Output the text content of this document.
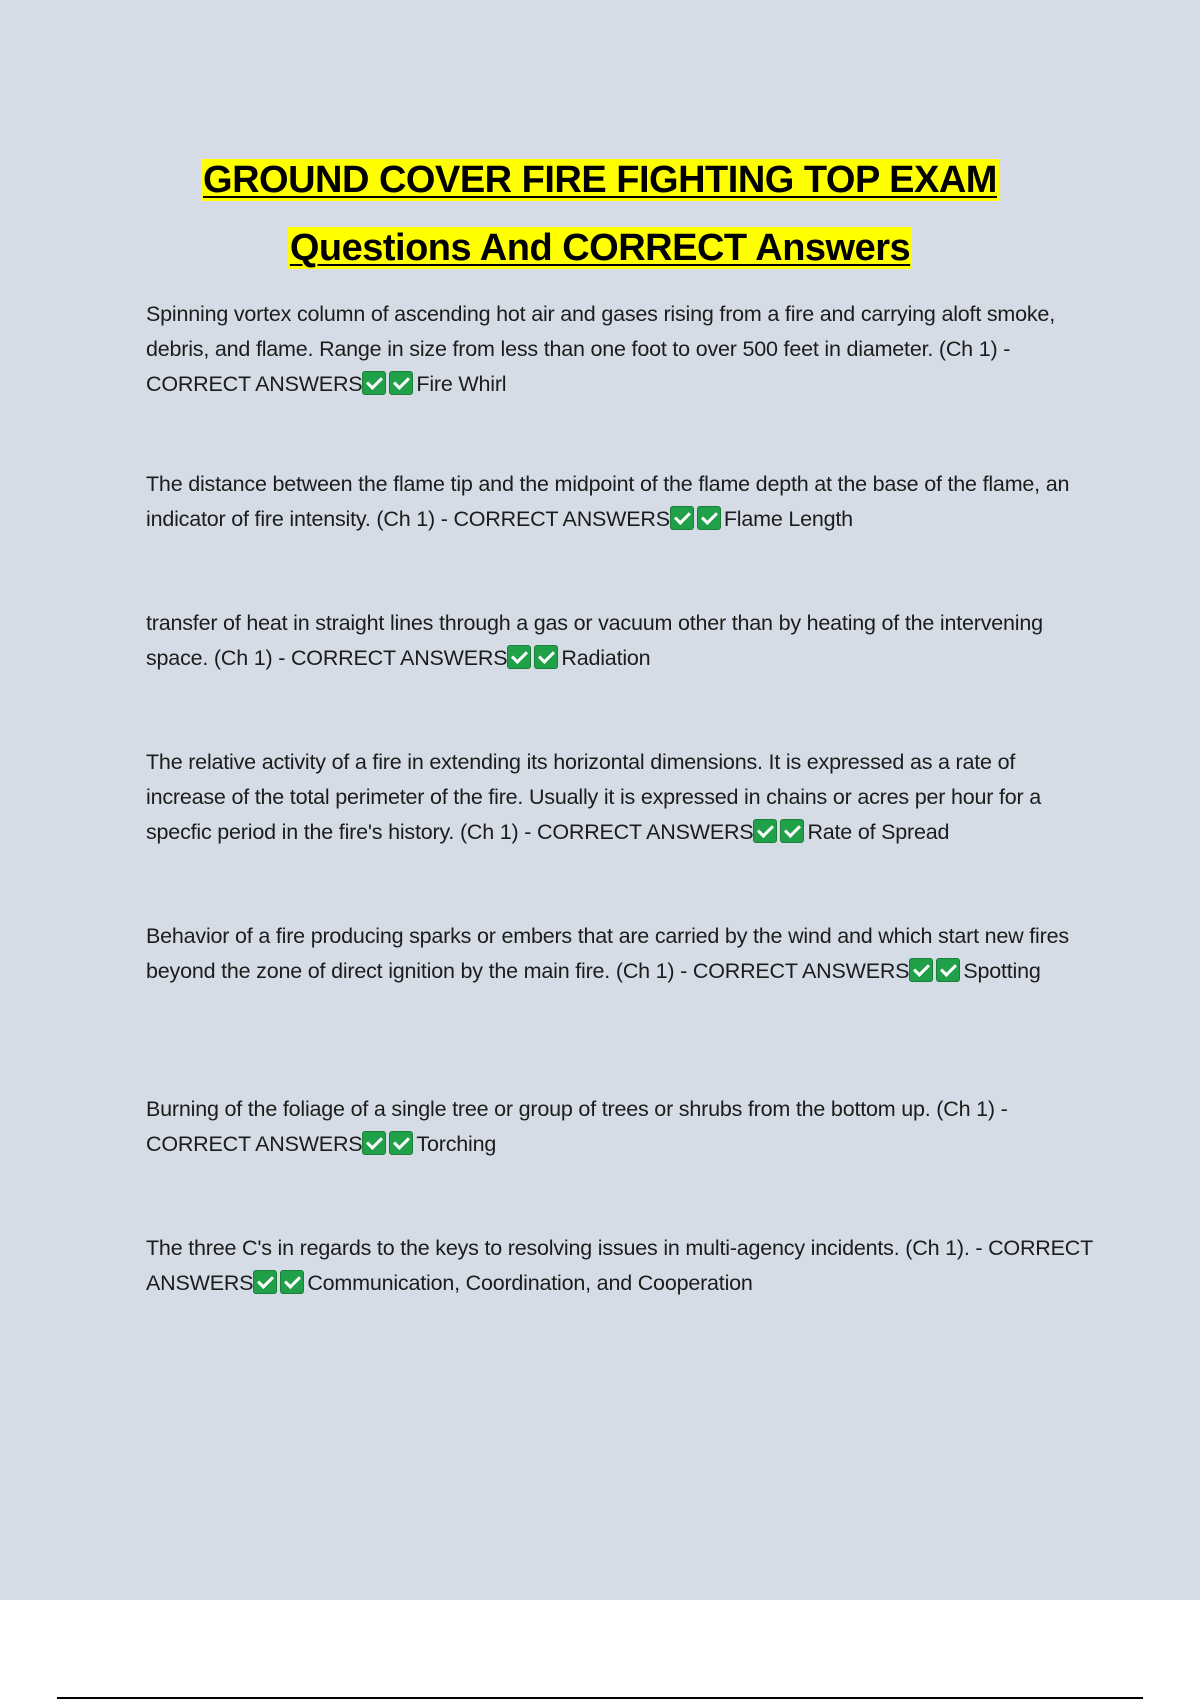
GROUND COVER FIRE FIGHTING TOP EXAM
Questions And CORRECT Answers
Spinning vortex column of ascending hot air and gases rising from a fire and carrying aloft smoke, debris, and flame. Range in size from less than one foot to over 500 feet in diameter. (Ch 1) - CORRECT ANSWERS	Fire Whirl
The distance between the flame tip and the midpoint of the flame depth at the base of the flame, an indicator of fire intensity. (Ch 1) - CORRECT ANSWERS	Flame Length
transfer of heat in straight lines through a gas or vacuum other than by heating of the intervening space. (Ch 1) - CORRECT ANSWERS	Radiation
The relative activity of a fire in extending its horizontal dimensions. It is expressed as a rate of increase of the total perimeter of the fire. Usually it is expressed in chains or acres per hour for a specfic period in the fire's history. (Ch 1) - CORRECT ANSWERS	Rate of Spread
Behavior of a fire producing sparks or embers that are carried by the wind and which start new fires beyond the zone of direct ignition by the main fire. (Ch 1) - CORRECT ANSWERS	Spotting
Burning of the foliage of a single tree or group of trees or shrubs from the bottom up. (Ch 1) - CORRECT ANSWERS	Torching
The three C's in regards to the keys to resolving issues in multi-agency incidents. (Ch 1). - CORRECT ANSWERS	Communication, Coordination, and Cooperation
